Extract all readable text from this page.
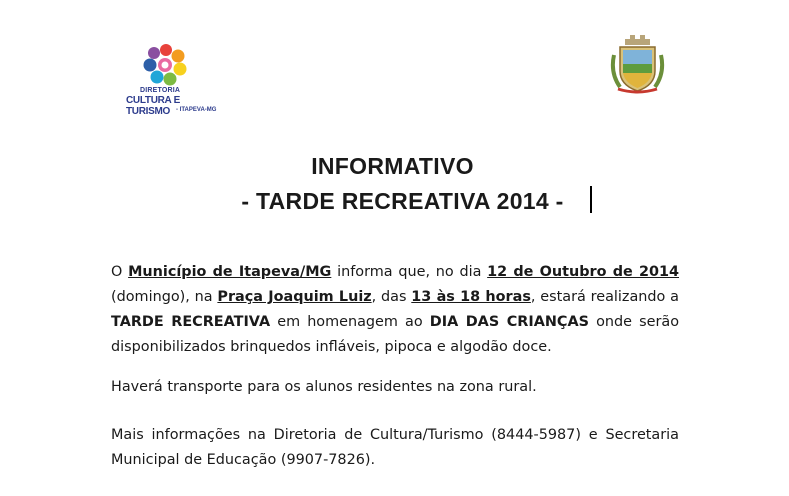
DIRETORIA
CULTURA E TURISMO - ITAPEVA-MG
INFORMATIVO
- TARDE RECREATIVA 2014 -
O Município de Itapeva/MG informa que, no dia 12 de Outubro de 2014 (domingo), na Praça Joaquim Luiz, das 13 às 18 horas, estará realizando a TARDE RECREATIVA em homenagem ao DIA DAS CRIANÇAS onde serão disponibilizados brinquedos infláveis, pipoca e algodão doce.
Haverá transporte para os alunos residentes na zona rural.
Mais informações na Diretoria de Cultura/Turismo (8444-5987) e Secretaria Municipal de Educação (9907-7826).
